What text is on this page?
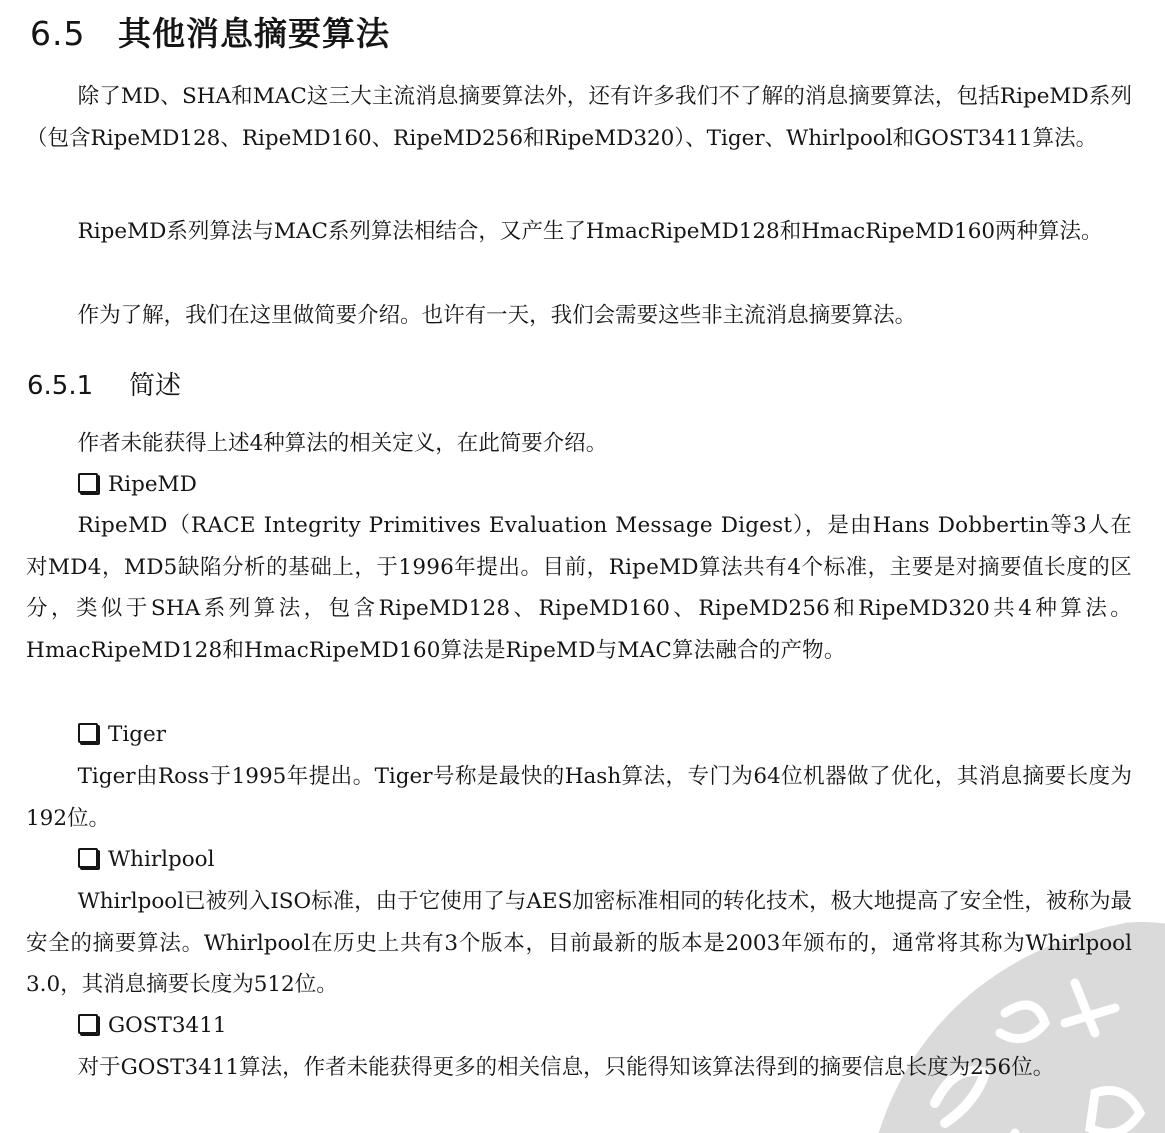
6.5 其他消息摘要算法

除了MD、SHA和MAC这三大主流消息摘要算法外，还有许多我们不了解的消息摘要算法，包括RipeMD系列（包含RipeMD128、RipeMD160、RipeMD256和RipeMD320）、Tiger、Whirlpool和GOST3411算法。

RipeMD系列算法与MAC系列算法相结合，又产生了HmacRipeMD128和HmacRipeMD160两种算法。

作为了解，我们在这里做简要介绍。也许有一天，我们会需要这些非主流消息摘要算法。

6.5.1 简述

作者未能获得上述4种算法的相关定义，在此简要介绍。

RipeMD

RipeMD（RACE Integrity Primitives Evaluation Message Digest），是由Hans Dobbertin等3人在对MD4，MD5缺陷分析的基础上，于1996年提出。目前，RipeMD算法共有4个标准，主要是对摘要值长度的区分，类似于SHA系列算法，包含RipeMD128、RipeMD160、RipeMD256和RipeMD320共4种算法。HmacRipeMD128和HmacRipeMD160算法是RipeMD与MAC算法融合的产物。

Tiger

Tiger由Ross于1995年提出。Tiger号称是最快的Hash算法，专门为64位机器做了优化，其消息摘要长度为192位。

Whirlpool

Whirlpool已被列入ISO标准，由于它使用了与AES加密标准相同的转化技术，极大地提高了安全性，被称为最安全的摘要算法。Whirlpool在历史上共有3个版本，目前最新的版本是2003年颁布的，通常将其称为Whirlpool 3.0，其消息摘要长度为512位。

GOST3411

对于GOST3411算法，作者未能获得更多的相关信息，只能得知该算法得到的摘要信息长度为256位。
